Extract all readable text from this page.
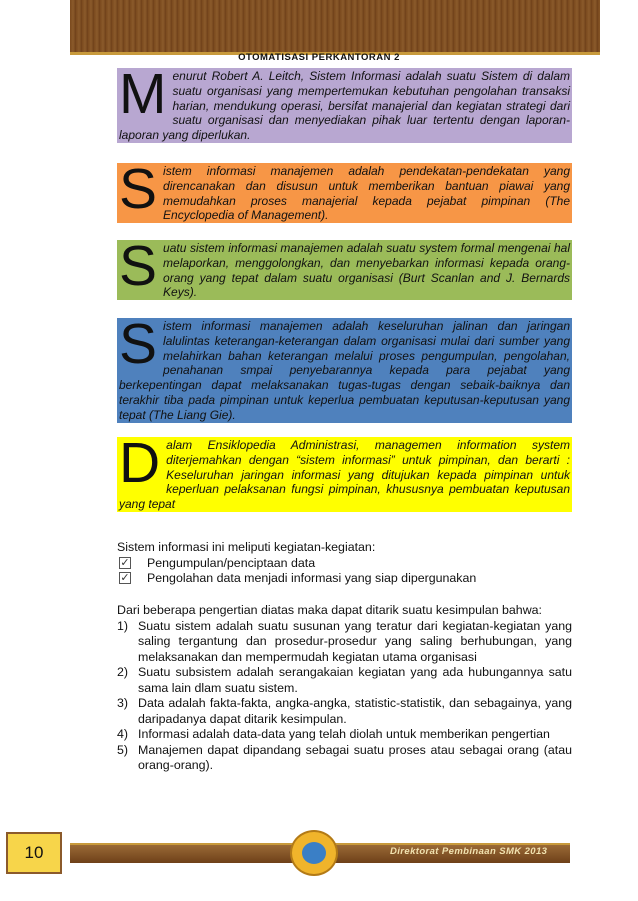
OTOMATISASI PERKANTORAN 2
Menurut Robert A. Leitch, Sistem Informasi adalah suatu Sistem di dalam suatu organisasi yang mempertemukan kebutuhan pengolahan transaksi harian, mendukung operasi, bersifat manajerial dan kegiatan strategi dari suatu organisasi dan menyediakan pihak luar tertentu dengan laporan-laporan yang diperlukan.
Sistem informasi manajemen adalah pendekatan-pendekatan yang direncanakan dan disusun untuk memberikan bantuan piawai yang memudahkan proses manajerial kepada pejabat pimpinan (The Encyclopedia of Management).
Suatu sistem informasi manajemen adalah suatu system formal mengenai hal melaporkan, menggolongkan, dan menyebarkan informasi kepada orang-orang yang tepat dalam suatu organisasi (Burt Scanlan and J. Bernards Keys).
Sistem informasi manajemen adalah keseluruhan jalinan dan jaringan lalulintas keterangan-keterangan dalam organisasi mulai dari sumber yang melahirkan bahan keterangan melalui proses pengumpulan, pengolahan, penahanan smpai penyebarannya kepada para pejabat yang berkepentingan dapat melaksanakan tugas-tugas dengan sebaik-baiknya dan terakhir tiba pada pimpinan untuk keperlua pembuatan keputusan-keputusan yang tepat (The Liang Gie).
Dalam Ensiklopedia Administrasi, managemen information system diterjemahkan dengan “sistem informasi” untuk pimpinan, dan berarti : Keseluruhan jaringan informasi yang ditujukan kepada pimpinan untuk keperluan pelaksanan fungsi pimpinan, khususnya pembuatan keputusan yang tepat
Sistem informasi ini meliputi kegiatan-kegiatan:
✓ Pengumpulan/penciptaan data
✓ Pengolahan data menjadi informasi yang siap dipergunakan
Dari beberapa pengertian diatas maka dapat ditarik suatu kesimpulan bahwa:
1) Suatu sistem adalah suatu susunan yang teratur dari kegiatan-kegiatan yang saling tergantung dan prosedur-prosedur yang saling berhubungan, yang melaksanakan dan mempermudah kegiatan utama organisasi
2) Suatu subsistem adalah serangakaian kegiatan yang ada hubungannya satu sama lain dlam suatu sistem.
3) Data adalah fakta-fakta, angka-angka, statistic-statistik, dan sebagainya, yang daripadanya dapat ditarik kesimpulan.
4) Informasi adalah data-data yang telah diolah untuk memberikan pengertian
5) Manajemen dapat dipandang sebagai suatu proses atau sebagai orang (atau orang-orang).
10	Direktorat Pembinaan SMK 2013
